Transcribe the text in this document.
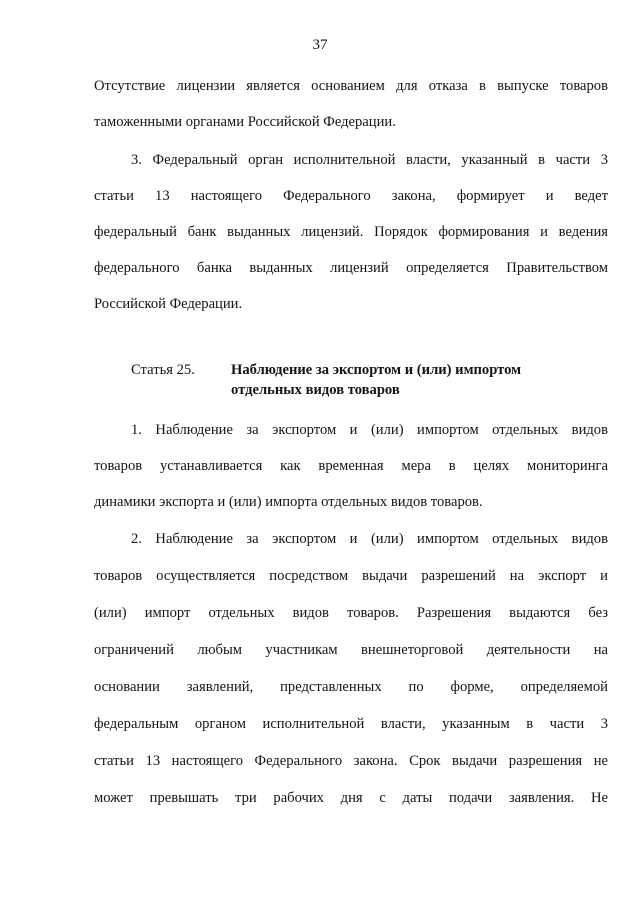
37
Отсутствие лицензии является основанием для отказа в выпуске товаров
таможенными органами Российской Федерации.
3. Федеральный орган исполнительной власти, указанный в части 3
статьи 13 настоящего Федерального закона, формирует и ведет
федеральный банк выданных лицензий. Порядок формирования и ведения
федерального банка выданных лицензий определяется Правительством
Российской Федерации.
Статья 25. Наблюдение за экспортом и (или) импортом
отдельных видов товаров
1. Наблюдение за экспортом и (или) импортом отдельных видов
товаров устанавливается как временная мера в целях мониторинга
динамики экспорта и (или) импорта отдельных видов товаров.
2. Наблюдение за экспортом и (или) импортом отдельных видов
товаров осуществляется посредством выдачи разрешений на экспорт и
(или) импорт отдельных видов товаров. Разрешения выдаются без
ограничений любым участникам внешнеторговой деятельности на
основании заявлений, представленных по форме, определяемой
федеральным органом исполнительной власти, указанным в части 3
статьи 13 настоящего Федерального закона. Срок выдачи разрешения не
может превышать три рабочих дня с даты подачи заявления. Не
